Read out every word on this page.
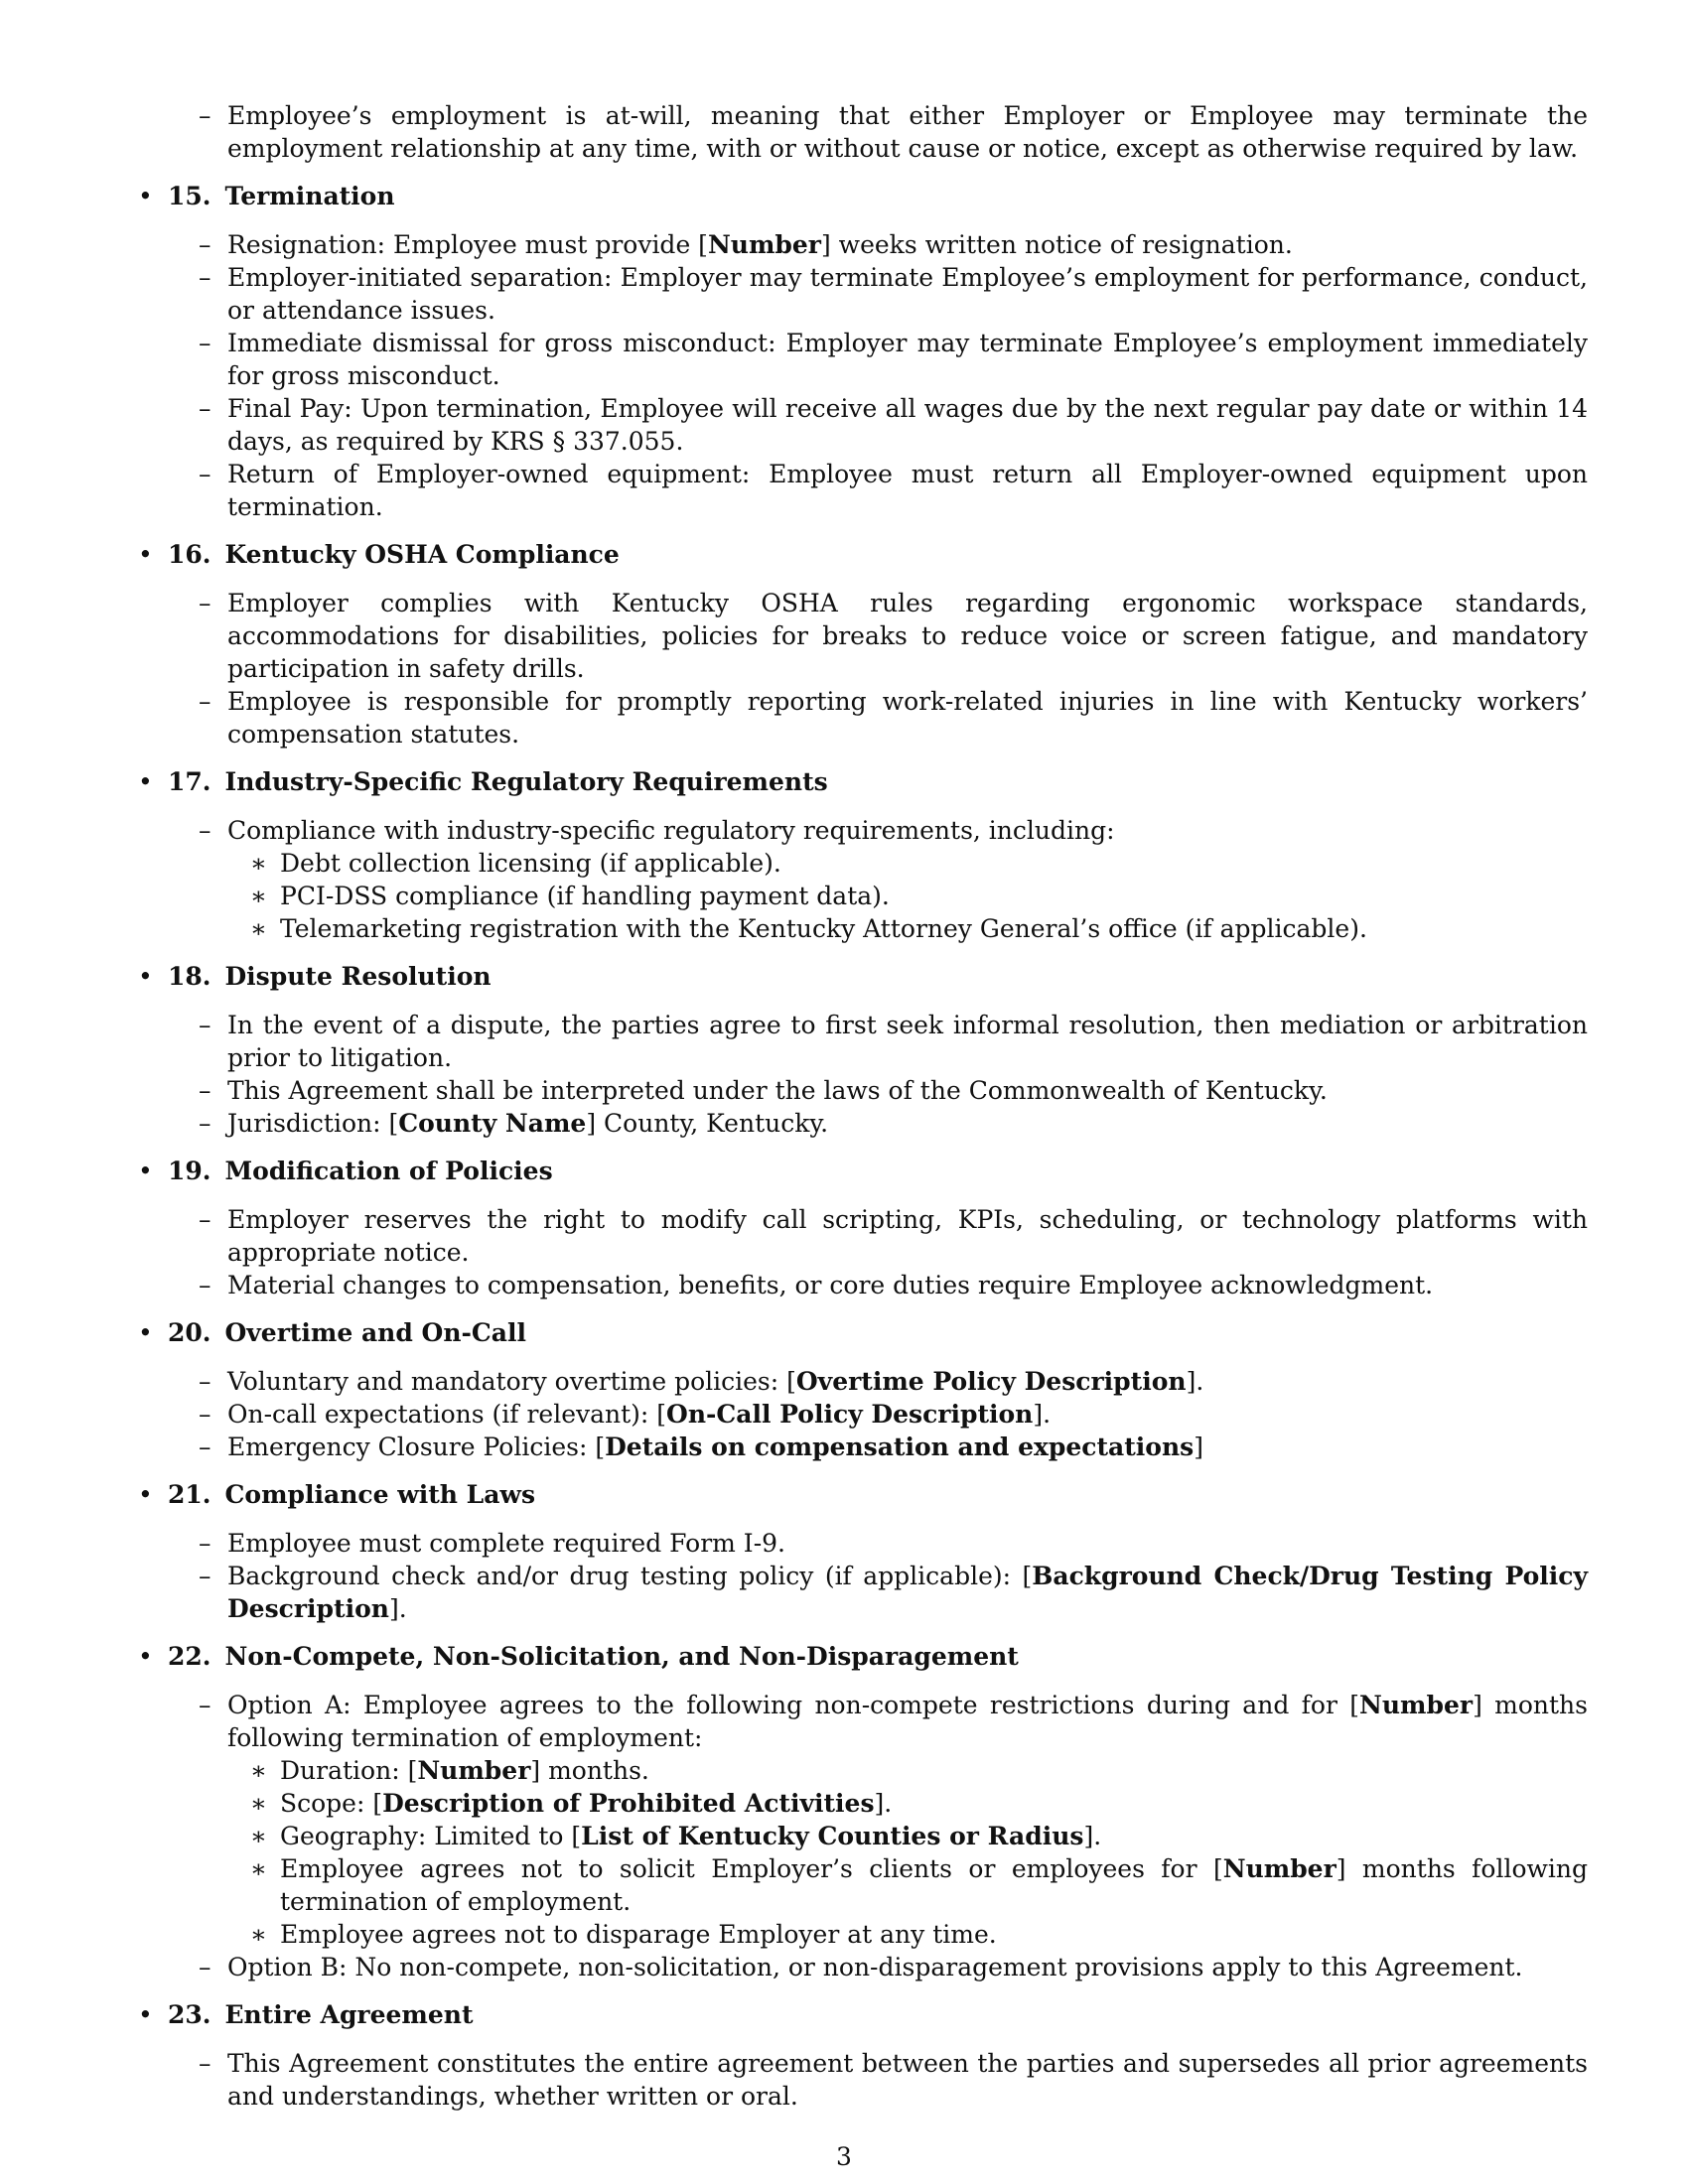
– Employee’s employment is at-will, meaning that either Employer or Employee may terminate the employment relationship at any time, with or without cause or notice, except as otherwise required by law.
• 15. Termination
– Resignation: Employee must provide [Number] weeks written notice of resignation.
– Employer-initiated separation: Employer may terminate Employee’s employment for performance, conduct, or attendance issues.
– Immediate dismissal for gross misconduct: Employer may terminate Employee’s employment immediately for gross misconduct.
– Final Pay: Upon termination, Employee will receive all wages due by the next regular pay date or within 14 days, as required by KRS § 337.055.
– Return of Employer-owned equipment: Employee must return all Employer-owned equipment upon termination.
• 16. Kentucky OSHA Compliance
– Employer complies with Kentucky OSHA rules regarding ergonomic workspace standards, accommodations for disabilities, policies for breaks to reduce voice or screen fatigue, and mandatory participation in safety drills.
– Employee is responsible for promptly reporting work-related injuries in line with Kentucky workers’ compensation statutes.
• 17. Industry-Specific Regulatory Requirements
– Compliance with industry-specific regulatory requirements, including:
∗ Debt collection licensing (if applicable).
∗ PCI-DSS compliance (if handling payment data).
∗ Telemarketing registration with the Kentucky Attorney General’s office (if applicable).
• 18. Dispute Resolution
– In the event of a dispute, the parties agree to first seek informal resolution, then mediation or arbitration prior to litigation.
– This Agreement shall be interpreted under the laws of the Commonwealth of Kentucky.
– Jurisdiction: [County Name] County, Kentucky.
• 19. Modification of Policies
– Employer reserves the right to modify call scripting, KPIs, scheduling, or technology platforms with appropriate notice.
– Material changes to compensation, benefits, or core duties require Employee acknowledgment.
• 20. Overtime and On-Call
– Voluntary and mandatory overtime policies: [Overtime Policy Description].
– On-call expectations (if relevant): [On-Call Policy Description].
– Emergency Closure Policies: [Details on compensation and expectations]
• 21. Compliance with Laws
– Employee must complete required Form I-9.
– Background check and/or drug testing policy (if applicable): [Background Check/Drug Testing Policy Description].
• 22. Non-Compete, Non-Solicitation, and Non-Disparagement
– Option A: Employee agrees to the following non-compete restrictions during and for [Number] months following termination of employment:
∗ Duration: [Number] months.
∗ Scope: [Description of Prohibited Activities].
∗ Geography: Limited to [List of Kentucky Counties or Radius].
∗ Employee agrees not to solicit Employer’s clients or employees for [Number] months following termination of employment.
∗ Employee agrees not to disparage Employer at any time.
– Option B: No non-compete, non-solicitation, or non-disparagement provisions apply to this Agreement.
• 23. Entire Agreement
– This Agreement constitutes the entire agreement between the parties and supersedes all prior agreements and understandings, whether written or oral.
3
